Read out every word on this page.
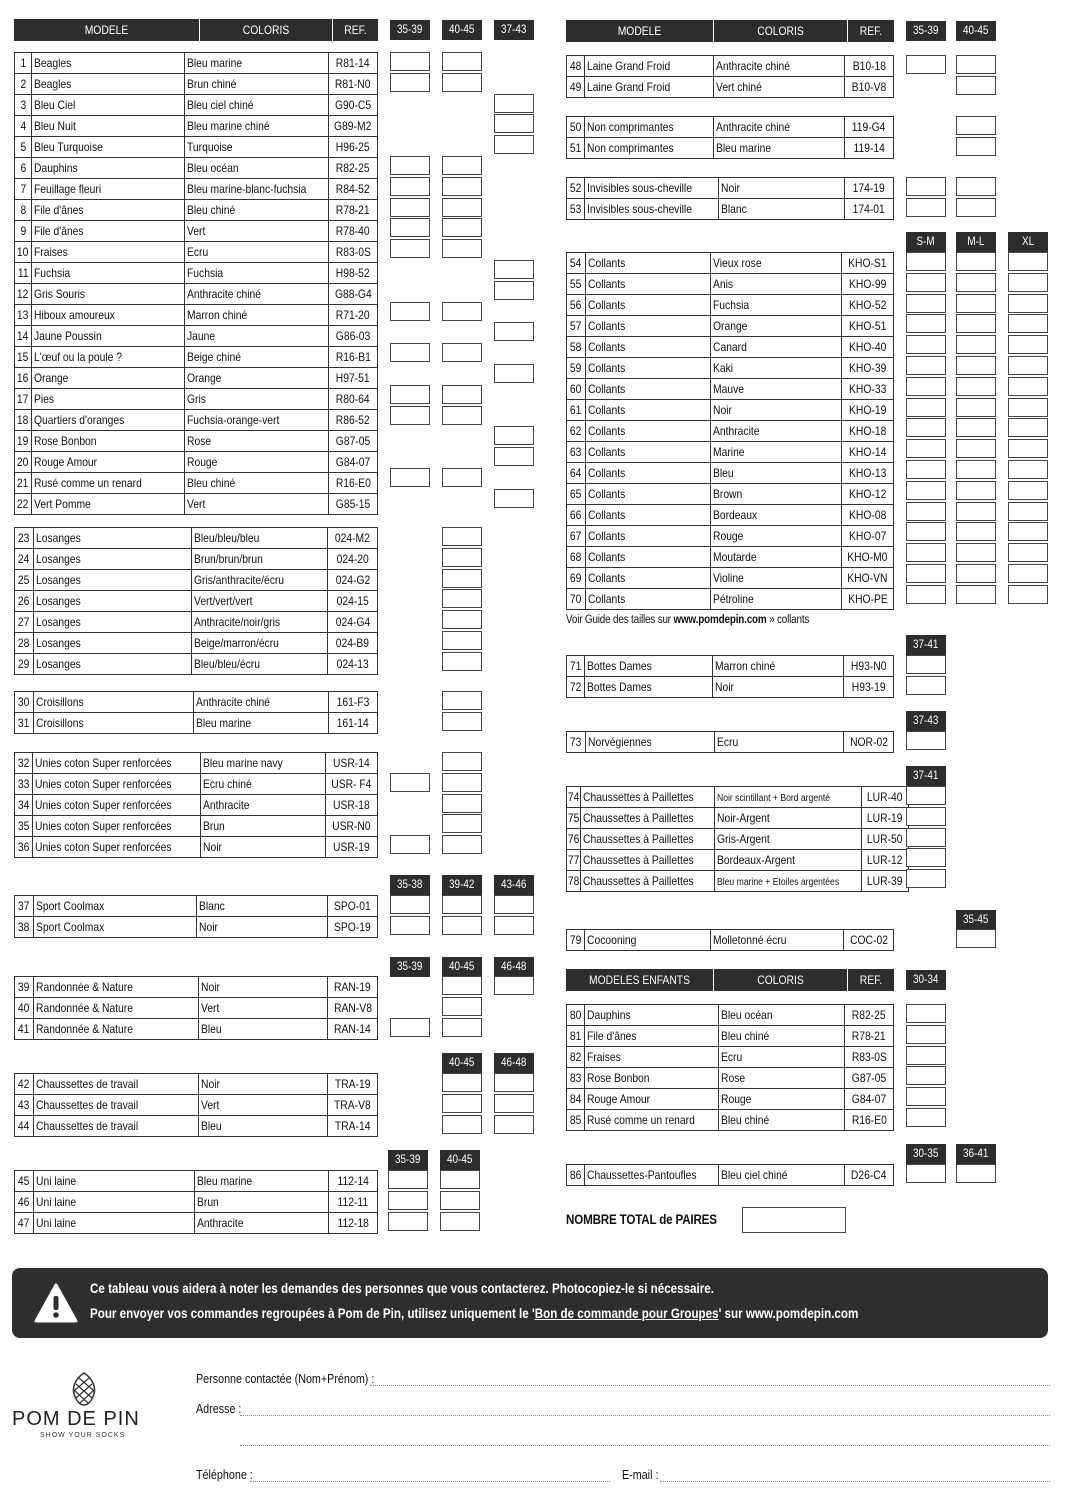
MODELE	COLORIS	REF.	35-39	40-45	37-43	MODELE	COLORIS	REF.	35-39	40-45
1	Beagles	Bleu marine	R81-14
2	Beagles	Brun chiné	R81-N0
3	Bleu Ciel	Bleu ciel chiné	G90-C5
4	Bleu Nuit	Bleu marine chiné	G89-M2
5	Bleu Turquoise	Turquoise	H96-25
6	Dauphins	Bleu océan	R82-25
7	Feuillage fleuri	Bleu marine-blanc-fuchsia	R84-52
8	File d'ânes	Bleu chiné	R78-21
9	File d'ânes	Vert	R78-40
10	Fraises	Ecru	R83-0S
11	Fuchsia	Fuchsia	H98-52
12	Gris Souris	Anthracite chiné	G88-G4
13	Hiboux amoureux	Marron chiné	R71-20
14	Jaune Poussin	Jaune	G86-03
15	L'œuf ou la poule ?	Beige chiné	R16-B1
16	Orange	Orange	H97-51
17	Pies	Gris	R80-64
18	Quartiers d'oranges	Fuchsia-orange-vert	R86-52
19	Rose Bonbon	Rose	G87-05
20	Rouge Amour	Rouge	G84-07
21	Rusé comme un renard	Bleu chiné	R16-E0
22	Vert Pomme	Vert	G85-15
23	Losanges	Bleu/bleu/bleu	024-M2
24	Losanges	Brun/brun/brun	024-20
25	Losanges	Gris/anthracite/écru	024-G2
26	Losanges	Vert/vert/vert	024-15
27	Losanges	Anthracite/noir/gris	024-G4
28	Losanges	Beige/marron/écru	024-B9
29	Losanges	Bleu/bleu/écru	024-13
30	Croisillons	Anthracite chiné	161-F3
31	Croisillons	Bleu marine	161-14
32	Unies coton Super renforcées	Bleu marine navy	USR-14
33	Unies coton Super renforcées	Ecru chiné	USR- F4
34	Unies coton Super renforcées	Anthracite	USR-18
35	Unies coton Super renforcées	Brun	USR-N0
36	Unies coton Super renforcées	Noir	USR-19
35-38	39-42	43-46
37	Sport Coolmax	Blanc	SPO-01
38	Sport Coolmax	Noir	SPO-19
35-39	40-45	46-48
39	Randonnée & Nature	Noir	RAN-19
40	Randonnée & Nature	Vert	RAN-V8
41	Randonnée & Nature	Bleu	RAN-14
40-45	46-48
42	Chaussettes de travail	Noir	TRA-19
43	Chaussettes de travail	Vert	TRA-V8
44	Chaussettes de travail	Bleu	TRA-14
35-39	40-45
45	Uni laine	Bleu marine	112-14
46	Uni laine	Brun	112-11
47	Uni laine	Anthracite	112-18
48	Laine Grand Froid	Anthracite chiné	B10-18
49	Laine Grand Froid	Vert chiné	B10-V8
50	Non comprimantes	Anthracite chiné	119-G4
51	Non comprimantes	Bleu marine	119-14
52	Invisibles sous-cheville	Noir	174-19
53	Invisibles sous-cheville	Blanc	174-01
S-M	M-L	XL
54	Collants	Vieux rose	KHO-S1
55	Collants	Anis	KHO-99
56	Collants	Fuchsia	KHO-52
57	Collants	Orange	KHO-51
58	Collants	Canard	KHO-40
59	Collants	Kaki	KHO-39
60	Collants	Mauve	KHO-33
61	Collants	Noir	KHO-19
62	Collants	Anthracite	KHO-18
63	Collants	Marine	KHO-14
64	Collants	Bleu	KHO-13
65	Collants	Brown	KHO-12
66	Collants	Bordeaux	KHO-08
67	Collants	Rouge	KHO-07
68	Collants	Moutarde	KHO-M0
69	Collants	Violine	KHO-VN
70	Collants	Pétroline	KHO-PE
Voir Guide des tailles sur www.pomdepin.com » collants
37-41
71	Bottes Dames	Marron chiné	H93-N0
72	Bottes Dames	Noir	H93-19
37-43
73	Norvégiennes	Ecru	NOR-02
37-41
74	Chaussettes à Paillettes	Noir scintillant + Bord argenté	LUR-40
75	Chaussettes à Paillettes	Noir-Argent	LUR-19
76	Chaussettes à Paillettes	Gris-Argent	LUR-50
77	Chaussettes à Paillettes	Bordeaux-Argent	LUR-12
78	Chaussettes à Paillettes	Bleu marine + Etoiles argentées	LUR-39
35-45
79	Cocooning	Molletonné écru	COC-02
MODELES ENFANTS	COLORIS	REF.	30-34
80	Dauphins	Bleu océan	R82-25
81	File d'ânes	Bleu chiné	R78-21
82	Fraises	Ecru	R83-0S
83	Rose Bonbon	Rose	G87-05
84	Rouge Amour	Rouge	G84-07
85	Rusé comme un renard	Bleu chiné	R16-E0
30-35	36-41
86	Chaussettes-Pantoufles	Bleu ciel chiné	D26-C4
NOMBRE TOTAL de PAIRES
Ce tableau vous aidera à noter les demandes des personnes que vous contacterez. Photocopiez-le si nécessaire.
Pour envoyer vos commandes regroupées à Pom de Pin, utilisez uniquement le 'Bon de commande pour Groupes' sur www.pomdepin.com
POM DE PIN
SHOW YOUR SOCKS
Personne contactée (Nom+Prénom) :
Adresse :
Téléphone :	E-mail :
